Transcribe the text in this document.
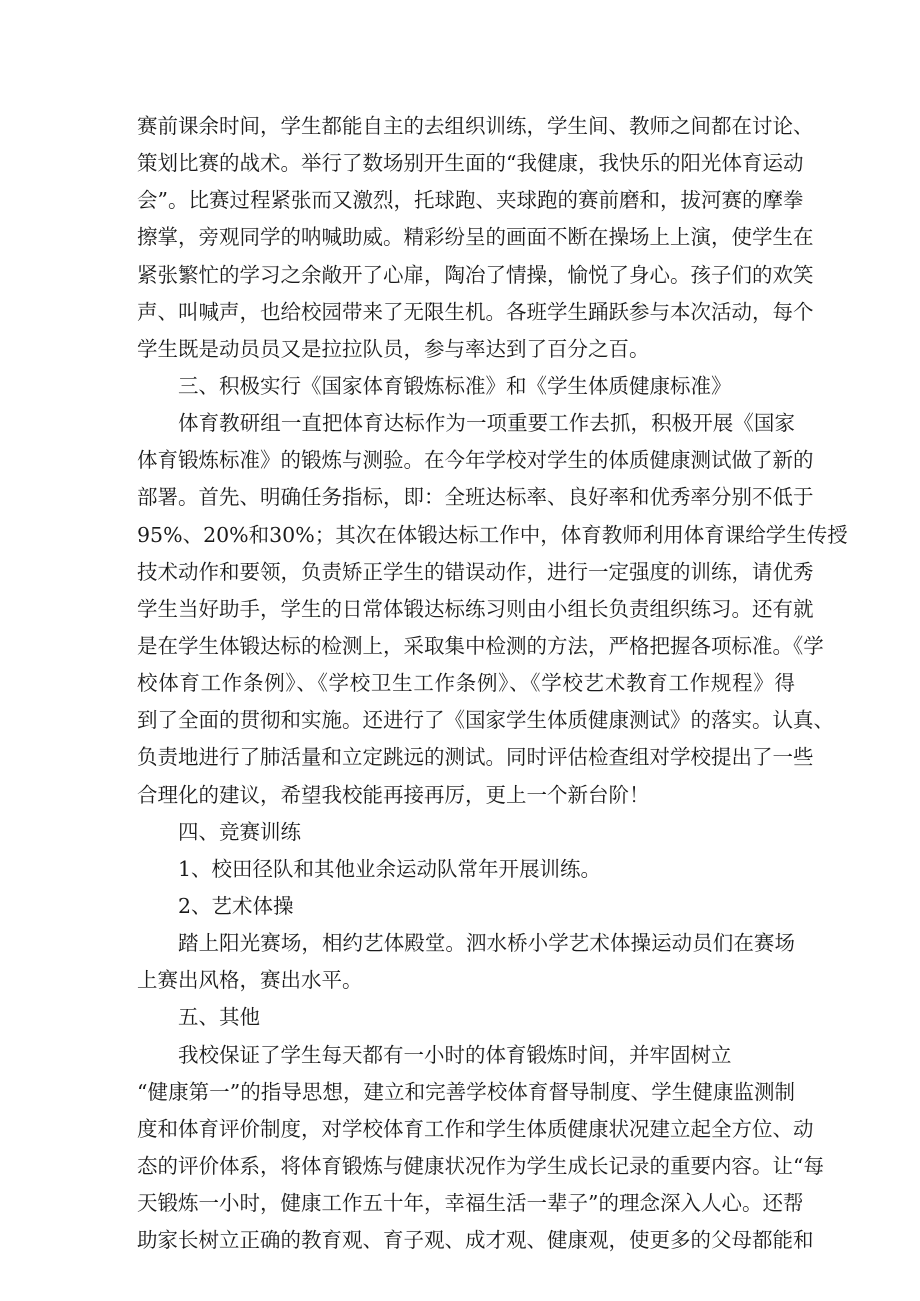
赛前课余时间，学生都能自主的去组织训练，学生间、教师之间都在讨论、
策划比赛的战术。举行了数场别开生面的“我健康，我快乐的阳光体育运动
会”。比赛过程紧张而又激烈，托球跑、夹球跑的赛前磨和，拔河赛的摩拳
擦掌，旁观同学的呐喊助威。精彩纷呈的画面不断在操场上上演，使学生在
紧张繁忙的学习之余敞开了心扉，陶冶了情操，愉悦了身心。孩子们的欢笑
声、叫喊声，也给校园带来了无限生机。各班学生踊跃参与本次活动，每个
学生既是动员员又是拉拉队员，参与率达到了百分之百。
三、积极实行《国家体育锻炼标准》和《学生体质健康标准》
体育教研组一直把体育达标作为一项重要工作去抓，积极开展《国家
体育锻炼标准》的锻炼与测验。在今年学校对学生的体质健康测试做了新的
部署。首先、明确任务指标，即：全班达标率、良好率和优秀率分别不低于
95%、20%和30%；其次在体锻达标工作中，体育教师利用体育课给学生传授
技术动作和要领，负责矫正学生的错误动作，进行一定强度的训练，请优秀
学生当好助手，学生的日常体锻达标练习则由小组长负责组织练习。还有就
是在学生体锻达标的检测上，采取集中检测的方法，严格把握各项标准。《学
校体育工作条例》、《学校卫生工作条例》、《学校艺术教育工作规程》得
到了全面的贯彻和实施。还进行了《国家学生体质健康测试》的落实。认真、
负责地进行了肺活量和立定跳远的测试。同时评估检查组对学校提出了一些
合理化的建议，希望我校能再接再厉，更上一个新台阶！
四、竞赛训练
1、校田径队和其他业余运动队常年开展训练。
2、艺术体操
踏上阳光赛场，相约艺体殿堂。泗水桥小学艺术体操运动员们在赛场
上赛出风格，赛出水平。
五、其他
我校保证了学生每天都有一小时的体育锻炼时间，并牢固树立
“健康第一”的指导思想，建立和完善学校体育督导制度、学生健康监测制
度和体育评价制度，对学校体育工作和学生体质健康状况建立起全方位、动
态的评价体系，将体育锻炼与健康状况作为学生成长记录的重要内容。让“每
天锻炼一小时，健康工作五十年，幸福生活一辈子”的理念深入人心。还帮
助家长树立正确的教育观、育子观、成才观、健康观，使更多的父母都能和
